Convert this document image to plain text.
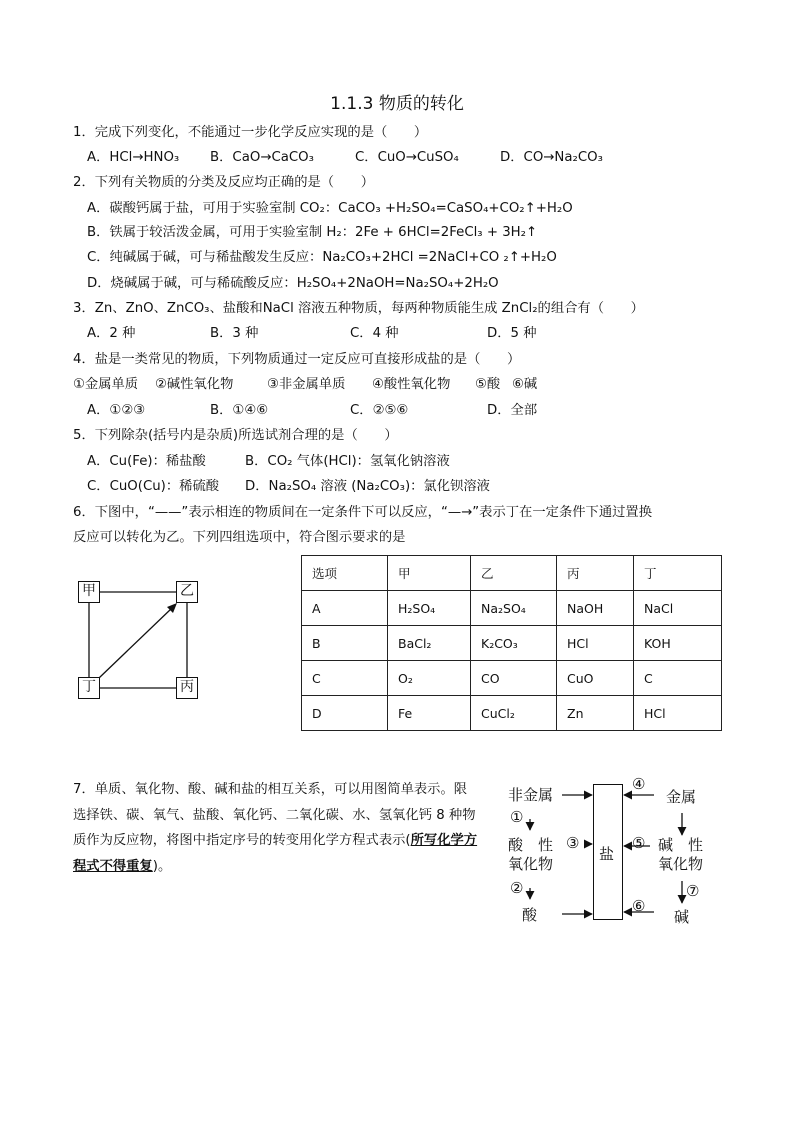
1.1.3 物质的转化
1．完成下列变化，不能通过一步化学反应实现的是（　　）
A．HCl→HNO₃ B．CaO→CaCO₃	C．CuO→CuSO₄	D．CO→Na₂CO₃
2．下列有关物质的分类及反应均正确的是（　　）
A．碳酸钙属于盐，可用于实验室制 CO₂：CaCO₃ +H₂SO₄=CaSO₄+CO₂↑+H₂O
B．铁属于较活泼金属，可用于实验室制 H₂：2Fe + 6HCl=2FeCl₃ + 3H₂↑
C．纯碱属于碱，可与稀盐酸发生反应：Na₂CO₃+2HCl =2NaCl+CO ₂↑+H₂O
D．烧碱属于碱，可与稀硫酸反应：H₂SO₄+2NaOH=Na₂SO₄+2H₂O
3．Zn、ZnO、ZnCO₃、盐酸和NaCl 溶液五种物质，每两种物质能生成 ZnCl₂的组合有（　　）
A．2 种	B．3 种	C．4 种	D．5 种
4．盐是一类常见的物质，下列物质通过一定反应可直接形成盐的是（　　）
①金属单质 ②碱性氧化物	③非金属单质 ④酸性氧化物 ⑤酸 ⑥碱
A．①②③	B．①④⑥	C．②⑤⑥	D．全部
5．下列除杂(括号内是杂质)所选试剂合理的是（　　）
A．Cu(Fe)：稀盐酸	B．CO₂ 气体(HCl)：氢氧化钠溶液
C．CuO(Cu)：稀硫酸 D．Na₂SO₄ 溶液 (Na₂CO₃)：氯化钡溶液
6．下图中，“——”表示相连的物质间在一定条件下可以反应，“—→”表示丁在一定条件下通过置换
反应可以转化为乙。下列四组选项中，符合图示要求的是
甲	乙
丁	丙
选项	甲	乙	丙	丁
A	H₂SO₄	Na₂SO₄	NaOH	NaCl
B	BaCl₂	K₂CO₃	HCl	KOH
C	O₂	CO	CuO	C
D	Fe	CuCl₂	Zn	HCl
7．单质、氧化物、酸、碱和盐的相互关系，可以用图简单表示。限
选择铁、碳、氧气、盐酸、氧化钙、二氧化碳、水、氢氧化钙 8 种物
质作为反应物，将图中指定序号的转变用化学方程式表示(所写化学方
程式不得重复)。
非金属
①
酸　性
氧化物
③
②
酸
盐
④
金属
⑤ 碱　性
氧化物
⑦
⑥
碱
